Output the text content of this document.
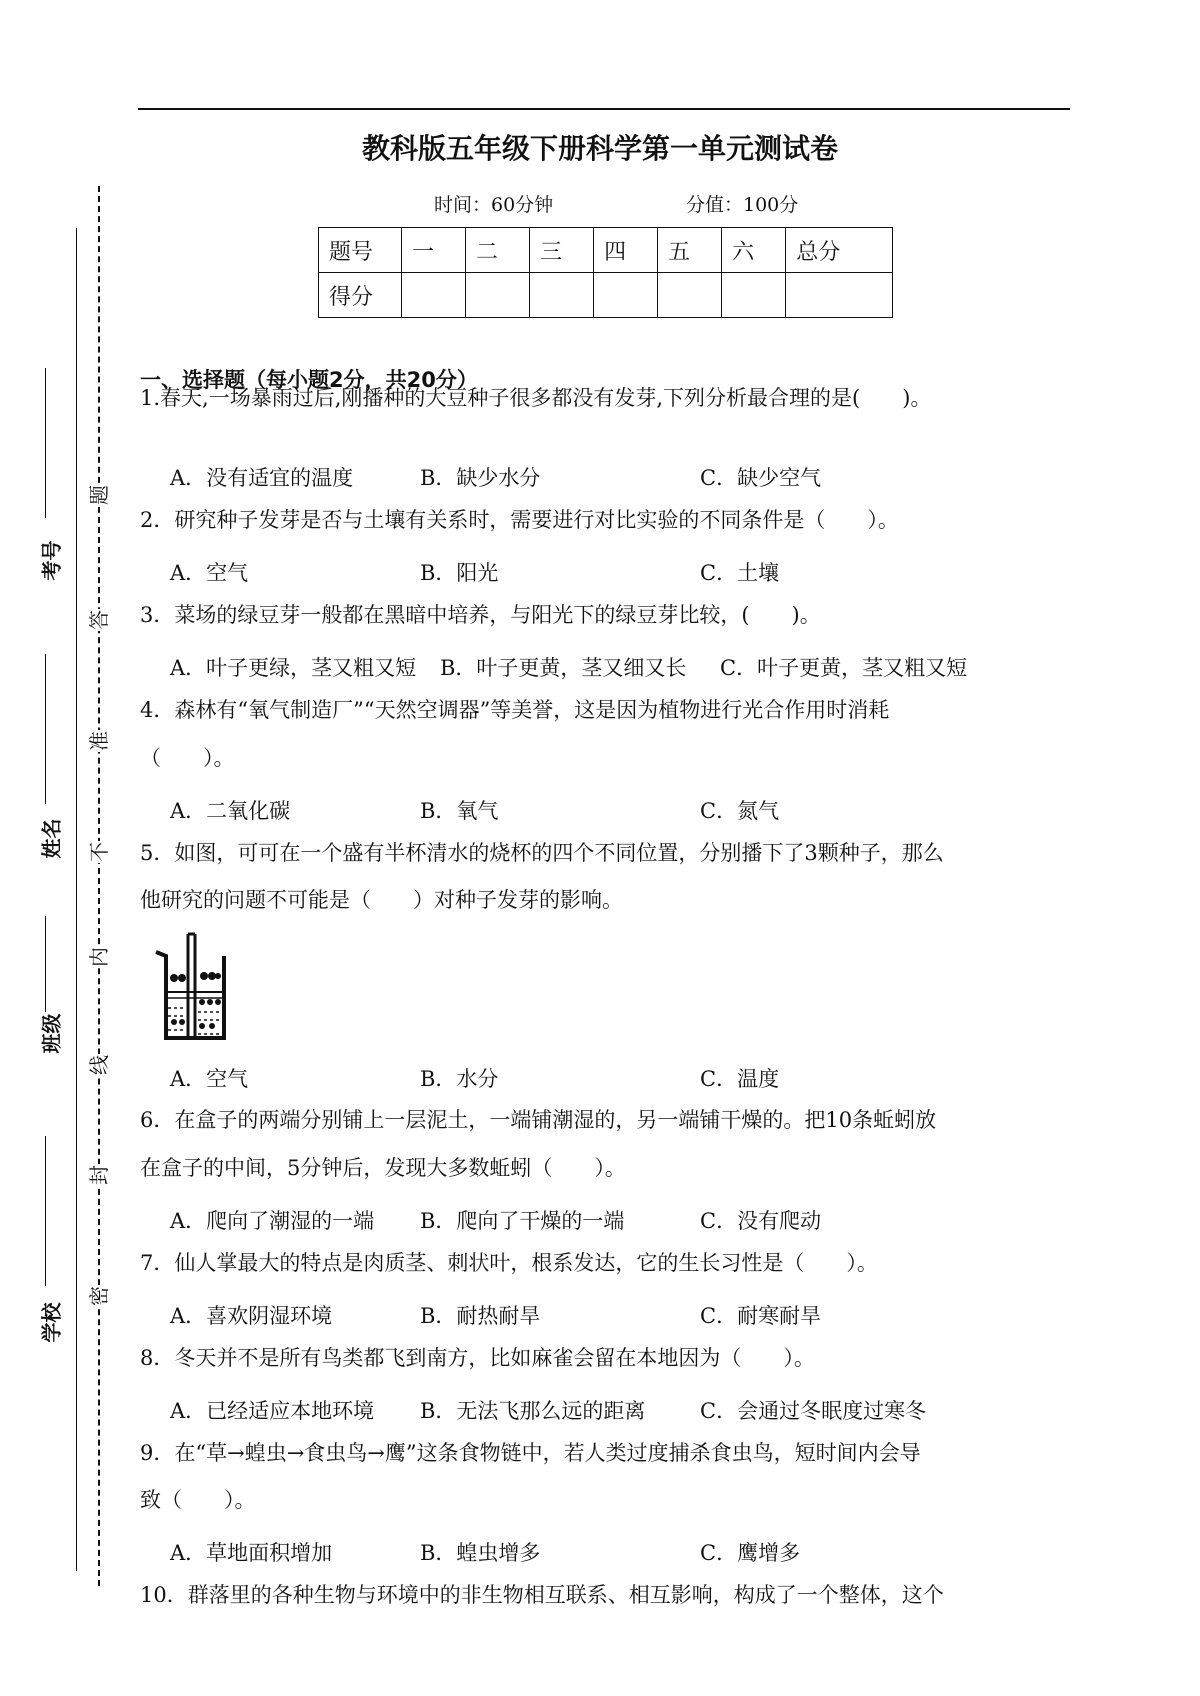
教科版五年级下册科学第一单元测试卷
时间：60分钟	分值：100分
题号	一	二	三	四	五	六	总分
得分							
考号
姓名
班级
学校
题
答
准
不
内
线
封
密
一、选择题（每小题2分，共20分）
1.春天,一场暴雨过后,刚播种的大豆种子很多都没有发芽,下列分析最合理的是(　　)。
A．没有适宜的温度	B．缺少水分	C．缺少空气
2．研究种子发芽是否与土壤有关系时，需要进行对比实验的不同条件是（　　）。
A．空气	B．阳光	C．土壤
3．菜场的绿豆芽一般都在黑暗中培养，与阳光下的绿豆芽比较，(　　)。
A．叶子更绿，茎又粗又短 B．叶子更黄，茎又细又长 C．叶子更黄，茎又粗又短
4．森林有“氧气制造厂”“天然空调器”等美誉，这是因为植物进行光合作用时消耗
（　　）。
A．二氧化碳	B．氧气	C．氮气
5．如图，可可在一个盛有半杯清水的烧杯的四个不同位置，分别播下了3颗种子，那么
他研究的问题不可能是（　　）对种子发芽的影响。
A．空气	B．水分	C．温度
6．在盒子的两端分别铺上一层泥土，一端铺潮湿的，另一端铺干燥的。把10条蚯蚓放
在盒子的中间，5分钟后，发现大多数蚯蚓（　　）。
A．爬向了潮湿的一端 B．爬向了干燥的一端	C．没有爬动
7．仙人掌最大的特点是肉质茎、刺状叶，根系发达，它的生长习性是（　　）。
A．喜欢阴湿环境	B．耐热耐旱	C．耐寒耐旱
8．冬天并不是所有鸟类都飞到南方，比如麻雀会留在本地因为（　　）。
A．已经适应本地环境 B．无法飞那么远的距离	C．会通过冬眠度过寒冬
9．在“草→蝗虫→食虫鸟→鹰”这条食物链中，若人类过度捕杀食虫鸟，短时间内会导
致（　　）。
A．草地面积增加	B．蝗虫增多	C．鹰增多
10．群落里的各种生物与环境中的非生物相互联系、相互影响，构成了一个整体，这个
